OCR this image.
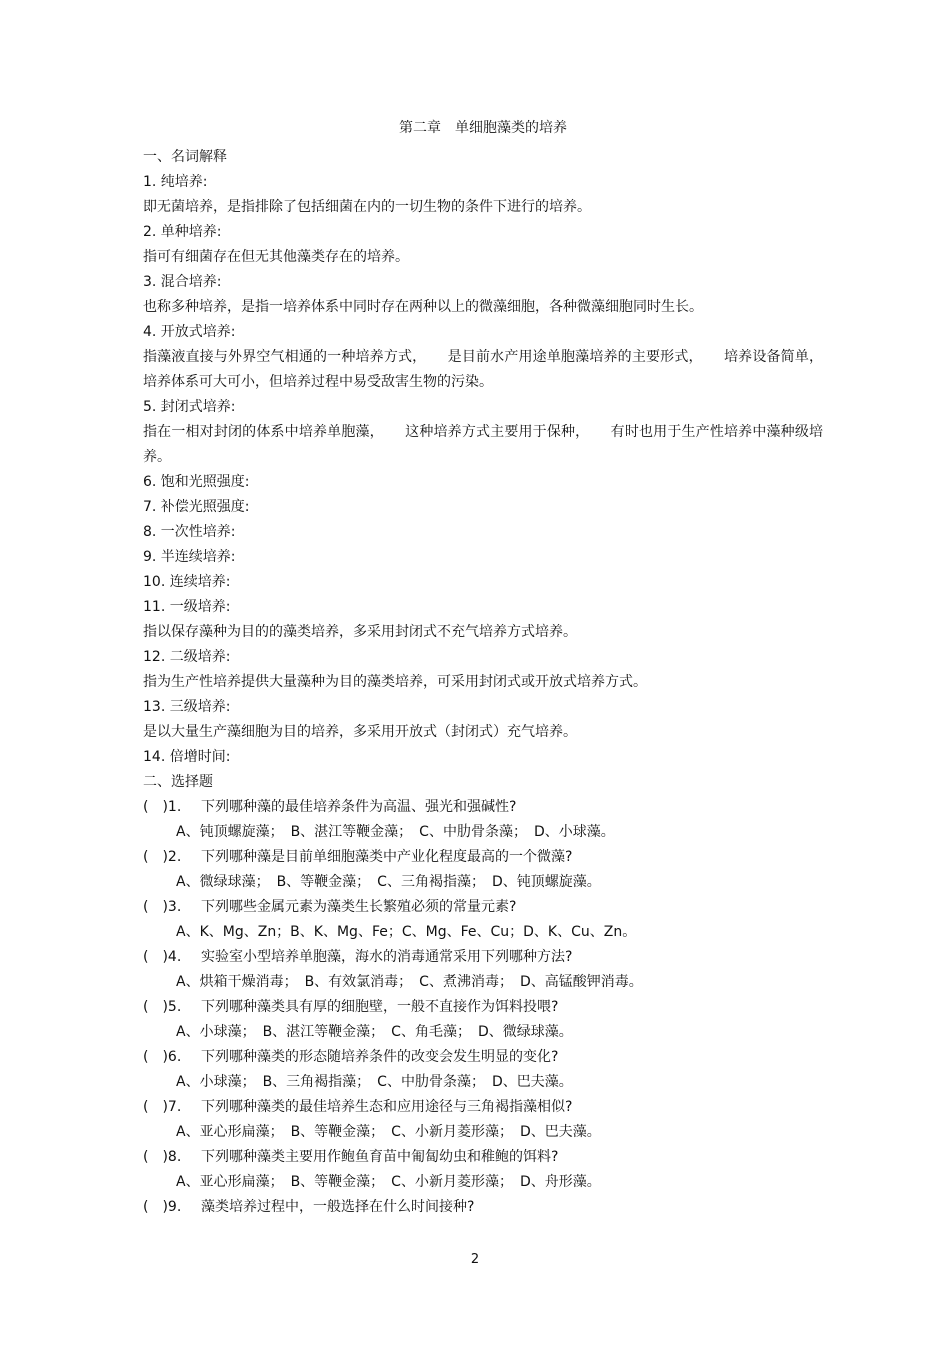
第二章　单细胞藻类的培养
一、名词解释
1. 纯培养:
即无菌培养，是指排除了包括细菌在内的一切生物的条件下进行的培养。
2. 单种培养:
指可有细菌存在但无其他藻类存在的培养。
3. 混合培养:
也称多种培养，是指一培养体系中同时存在两种以上的微藻细胞，各种微藻细胞同时生长。
4. 开放式培养:
指藻液直接与外界空气相通的一种培养方式，　　是目前水产用途单胞藻培养的主要形式，　　培养设备简单，培养体系可大可小，但培养过程中易受敌害生物的污染。
5. 封闭式培养:
指在一相对封闭的体系中培养单胞藻，　　这种培养方式主要用于保种，　　有时也用于生产性培养中藻种级培养。
6. 饱和光照强度:
7. 补偿光照强度:
8. 一次性培养:
9. 半连续培养:
10. 连续培养:
11. 一级培养:
指以保存藻种为目的的藻类培养，多采用封闭式不充气培养方式培养。
12. 二级培养:
指为生产性培养提供大量藻种为目的藻类培养，可采用封闭式或开放式培养方式。
13. 三级培养:
是以大量生产藻细胞为目的培养，多采用开放式（封闭式）充气培养。
14. 倍增时间:
二、选择题
(　)1.	下列哪种藻的最佳培养条件为高温、强光和强碱性?
A、钝顶螺旋藻；　B、湛江等鞭金藻；　C、中肋骨条藻；　D、小球藻。
(　)2.	下列哪种藻是目前单细胞藻类中产业化程度最高的一个微藻?
A、微绿球藻；　B、等鞭金藻；　C、三角褐指藻；　D、钝顶螺旋藻。
(　)3.	下列哪些金属元素为藻类生长繁殖必须的常量元素?
A、K、Mg、Zn；B、K、Mg、Fe；C、Mg、Fe、Cu；D、K、Cu、Zn。
(　)4.	实验室小型培养单胞藻，海水的消毒通常采用下列哪种方法?
A、烘箱干燥消毒；　B、有效氯消毒；　C、煮沸消毒；　D、高锰酸钾消毒。
(　)5.	下列哪种藻类具有厚的细胞壁，一般不直接作为饵料投喂?
A、小球藻；　B、湛江等鞭金藻；　C、角毛藻；　D、微绿球藻。
(　)6.	下列哪种藻类的形态随培养条件的改变会发生明显的变化?
A、小球藻；　B、三角褐指藻；　C、中肋骨条藻；　D、巴夫藻。
(　)7.	下列哪种藻类的最佳培养生态和应用途径与三角褐指藻相似?
A、亚心形扁藻；　B、等鞭金藻；　C、小新月菱形藻；　D、巴夫藻。
(　)8.	下列哪种藻类主要用作鲍鱼育苗中匍匐幼虫和稚鲍的饵料?
A、亚心形扁藻；　B、等鞭金藻；　C、小新月菱形藻；　D、舟形藻。
(　)9.	藻类培养过程中，一般选择在什么时间接种?
2
